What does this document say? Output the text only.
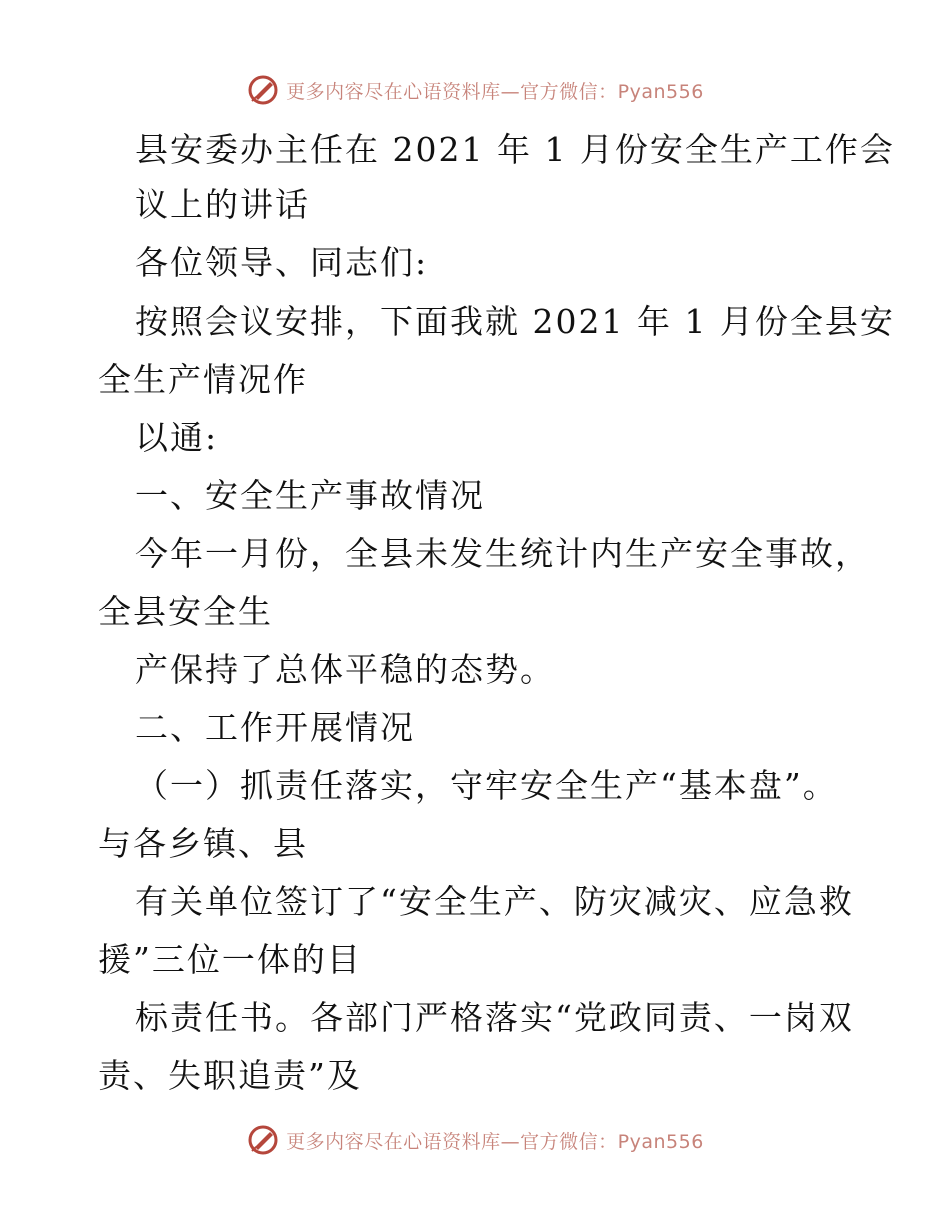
更多内容尽在心语资料库—官方微信：Pyan556
县安委办主任在 2021 年 1 月份安全生产工作会
议上的讲话
各位领导、同志们:
按照会议安排，下面我就 2021 年 1 月份全县安
全生产情况作
以通:
一、安全生产事故情况
今年一月份，全县未发生统计内生产安全事故，
全县安全生
产保持了总体平稳的态势。
二、工作开展情况
（一）抓责任落实，守牢安全生产“基本盘”。
与各乡镇、县
有关单位签订了“安全生产、防灾减灾、应急救
援”三位一体的目
标责任书。各部门严格落实“党政同责、一岗双
责、失职追责”及
更多内容尽在心语资料库—官方微信：Pyan556
